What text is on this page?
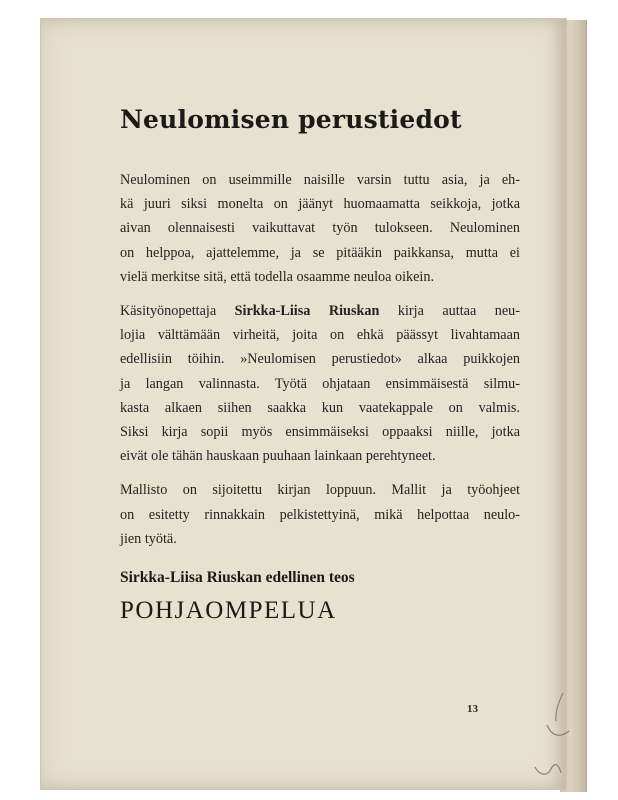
Neulomisen perustiedot

Neulominen on useimmille naisille varsin tuttu asia, ja eh-
kä juuri siksi monelta on jäänyt huomaamatta seikkoja, jotka
aivan olennaisesti vaikuttavat työn tulokseen. Neulominen
on helppoa, ajattelemme, ja se pitääkin paikkansa, mutta ei
vielä merkitse sitä, että todella osaamme neuloa oikein.

Käsityönopettaja Sirkka-Liisa Riuskan kirja auttaa neu-
lojia välttämään virheitä, joita on ehkä päässyt livahtamaan
edellisiin töihin. »Neulomisen perustiedot» alkaa puikkojen
ja langan valinnasta. Työtä ohjataan ensimmäisestä silmu-
kasta alkaen siihen saakka kun vaatekappale on valmis.
Siksi kirja sopii myös ensimmäiseksi oppaaksi niille, jotka
eivät ole tähän hauskaan puuhaan lainkaan perehtyneet.

Mallisto on sijoitettu kirjan loppuun. Mallit ja työohjeet
on esitetty rinnakkain pelkistettyinä, mikä helpottaa neulo-
jien työtä.

Sirkka-Liisa Riuskan edellinen teos
POHJAOMPELUA
13
